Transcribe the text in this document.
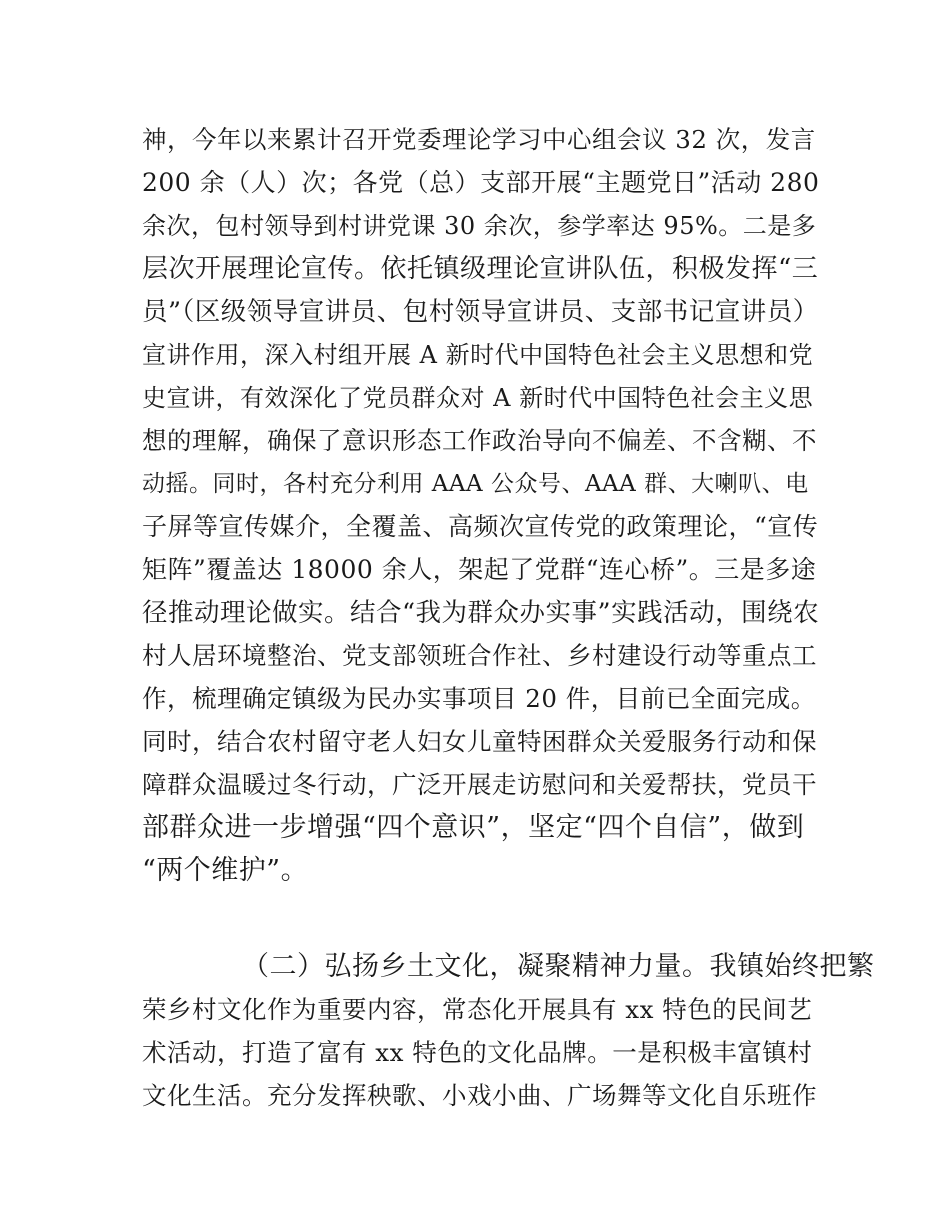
神，今年以来累计召开党委理论学习中心组会议 32 次，发言
200 余（人）次；各党（总）支部开展“主题党日”活动 280
余次，包村领导到村讲党课 30 余次，参学率达 95%。二是多
层次开展理论宣传。依托镇级理论宣讲队伍，积极发挥“三
员”（区级领导宣讲员、包村领导宣讲员、支部书记宣讲员）
宣讲作用，深入村组开展 A 新时代中国特色社会主义思想和党
史宣讲，有效深化了党员群众对 A 新时代中国特色社会主义思
想的理解，确保了意识形态工作政治导向不偏差、不含糊、不
动摇。同时，各村充分利用 AAA 公众号、AAA 群、大喇叭、电
子屏等宣传媒介，全覆盖、高频次宣传党的政策理论，“宣传
矩阵”覆盖达 18000 余人，架起了党群“连心桥”。三是多途
径推动理论做实。结合“我为群众办实事”实践活动，围绕农
村人居环境整治、党支部领班合作社、乡村建设行动等重点工
作，梳理确定镇级为民办实事项目 20 件，目前已全面完成。
同时，结合农村留守老人妇女儿童特困群众关爱服务行动和保
障群众温暖过冬行动，广泛开展走访慰问和关爱帮扶，党员干
部群众进一步增强“四个意识”，坚定“四个自信”，做到
“两个维护”。
（二）弘扬乡土文化，凝聚精神力量。我镇始终把繁
荣乡村文化作为重要内容，常态化开展具有 xx 特色的民间艺
术活动，打造了富有 xx 特色的文化品牌。一是积极丰富镇村
文化生活。充分发挥秧歌、小戏小曲、广场舞等文化自乐班作
